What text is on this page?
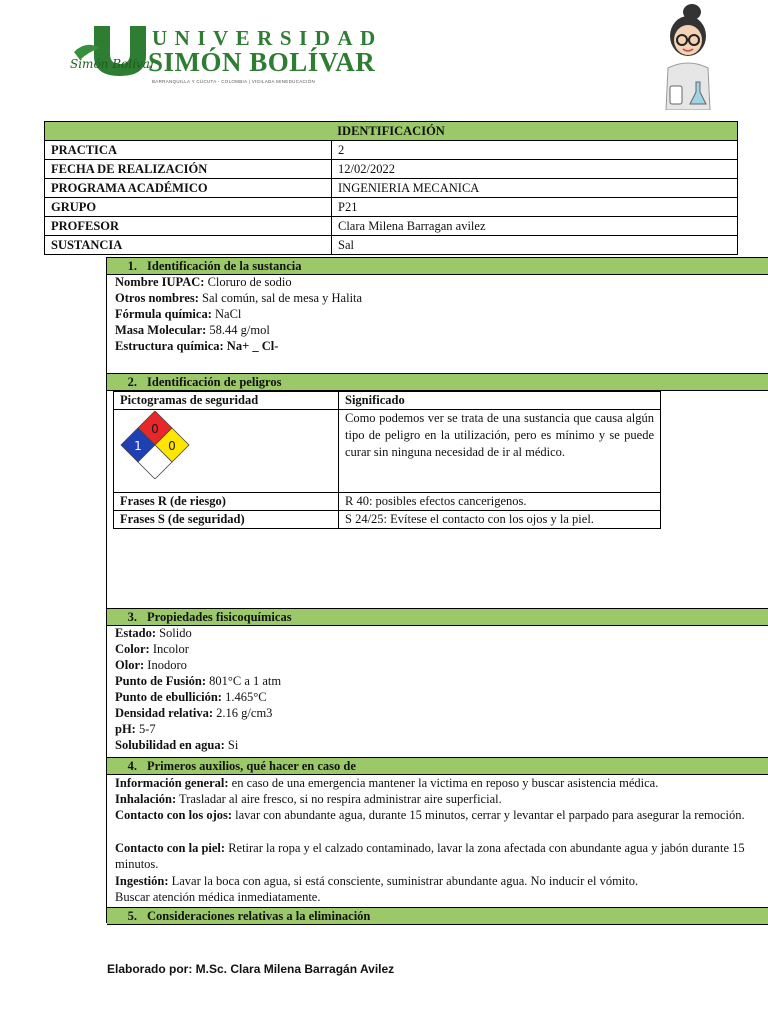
Simón Bolívar
UNIVERSIDAD
SIMÓN BOLÍVAR
BARRANQUILLA Y CÚCUTA - COLOMBIA | VIGILADA MINEDUCACIÓN
IDENTIFICACIÓN	
PRACTICA	2
FECHA DE REALIZACIÓN	12/02/2022
PROGRAMA ACADÉMICO	INGENIERIA MECANICA
GRUPO	P21
PROFESOR	Clara Milena Barragan avilez
SUSTANCIA	Sal
1. Identificación de la sustancia
Nombre IUPAC: Cloruro de sodio
Otros nombres: Sal común, sal de mesa y Halita
Fórmula química: NaCl
Masa Molecular: 58.44 g/mol
Estructura química: Na+ _ Cl-
2. Identificación de peligros
Pictogramas de seguridad	Significado

0
1 0	Como podemos ver se trata de una sustancia que causa algún tipo de peligro en la utilización, pero es mínimo y se puede curar sin ninguna necesidad de ir al médico.

Frases R (de riesgo)	R 40: posibles efectos cancerigenos.
Frases S (de seguridad)	S 24/25: Evítese el contacto con los ojos y la piel.
3. Propiedades fisicoquímicas
Estado: Solido
Color: Incolor
Olor: Inodoro
Punto de Fusión: 801°C a 1 atm
Punto de ebullición: 1.465°C
Densidad relativa: 2.16 g/cm3
pH: 5-7
Solubilidad en agua: Si
4. Primeros auxilios, qué hacer en caso de
Información general: en caso de una emergencia mantener la victima en reposo y buscar asistencia médica.
Inhalación: Trasladar al aire fresco, si no respira administrar aire superficial.
Contacto con los ojos: lavar con abundante agua, durante 15 minutos, cerrar y levantar el parpado para asegurar la remoción.
Contacto con la piel: Retirar la ropa y el calzado contaminado, lavar la zona afectada con abundante agua y jabón durante 15 minutos.
Ingestión: Lavar la boca con agua, si está consciente, suministrar abundante agua. No inducir el vómito. Buscar atención médica inmediatamente.
5. Consideraciones relativas a la eliminación
Elaborado por: M.Sc. Clara Milena Barragán Avilez
